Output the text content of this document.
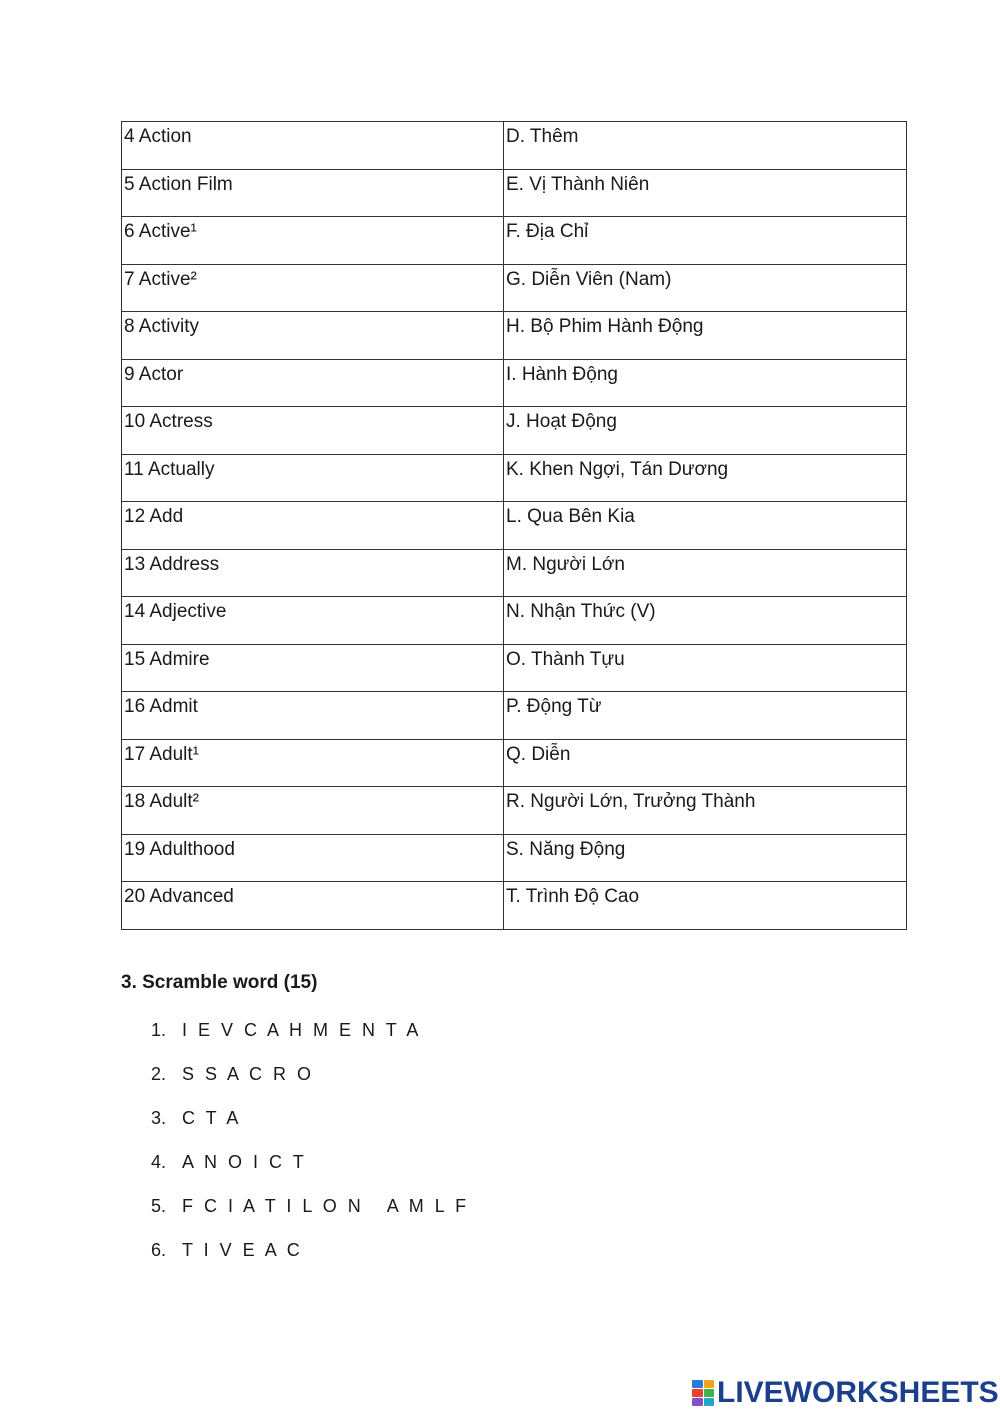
4 Action	D. Thêm
5 Action Film	E. Vị Thành Niên
6 Active¹	F. Địa Chỉ
7 Active²	G. Diễn Viên (Nam)
8 Activity	H. Bộ Phim Hành Động
9 Actor	I. Hành Động
10 Actress	J. Hoạt Động
11 Actually	K. Khen Ngợi, Tán Dương
12 Add	L. Qua Bên Kia
13 Address	M. Người Lớn
14 Adjective	N. Nhận Thức (V)
15 Admire	O. Thành Tựu
16 Admit	P. Động Từ
17 Adult¹	Q. Diễn
18 Adult²	R. Người Lớn, Trưởng Thành
19 Adulthood	S. Năng Động
20 Advanced	T. Trình Độ Cao
3. Scramble word (15)
1. I E V C A H M E N T A
2. S S A C R O
3. C T A
4. A N O I C T
5. F C I A T I L O N   A M L F
6. T I V E A C
LIVEWORKSHEETS
